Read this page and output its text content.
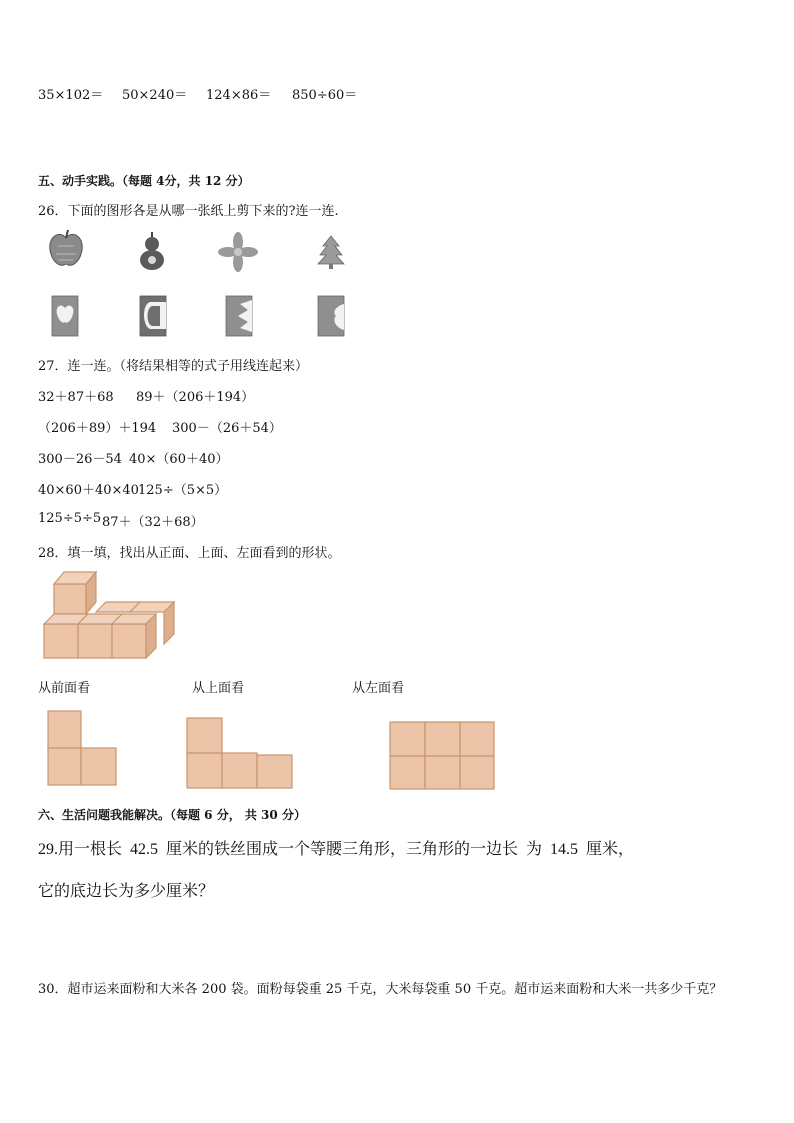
35×102＝ 50×240＝ 124×86＝ 850÷60＝
五、动手实践。（每题 4分，共 12 分）
26．下面的图形各是从哪一张纸上剪下来的?连一连.
27．连一连。（将结果相等的式子用线连起来）
32＋87＋68 89＋（206＋194）
（206＋89）＋194 300－（26＋54）
300－26－54 40×（60＋40）
40×60＋40×40 125÷（5×5）
125÷5÷5 87＋（32＋68）
28．填一填，找出从正面、上面、左面看到的形状。
从前面看	从上面看	从左面看
六、生活问题我能解决。（每题 6 分， 共 30 分）
29.用一根长  42.5  厘米的铁丝围成一个等腰三角形，三角形的一边长  为  14.5  厘米，
它的底边长为多少厘米？
30．超市运来面粉和大米各 200 袋。面粉每袋重 25 千克，大米每袋重 50 千克。超市运来面粉和大米一共多少千克？
